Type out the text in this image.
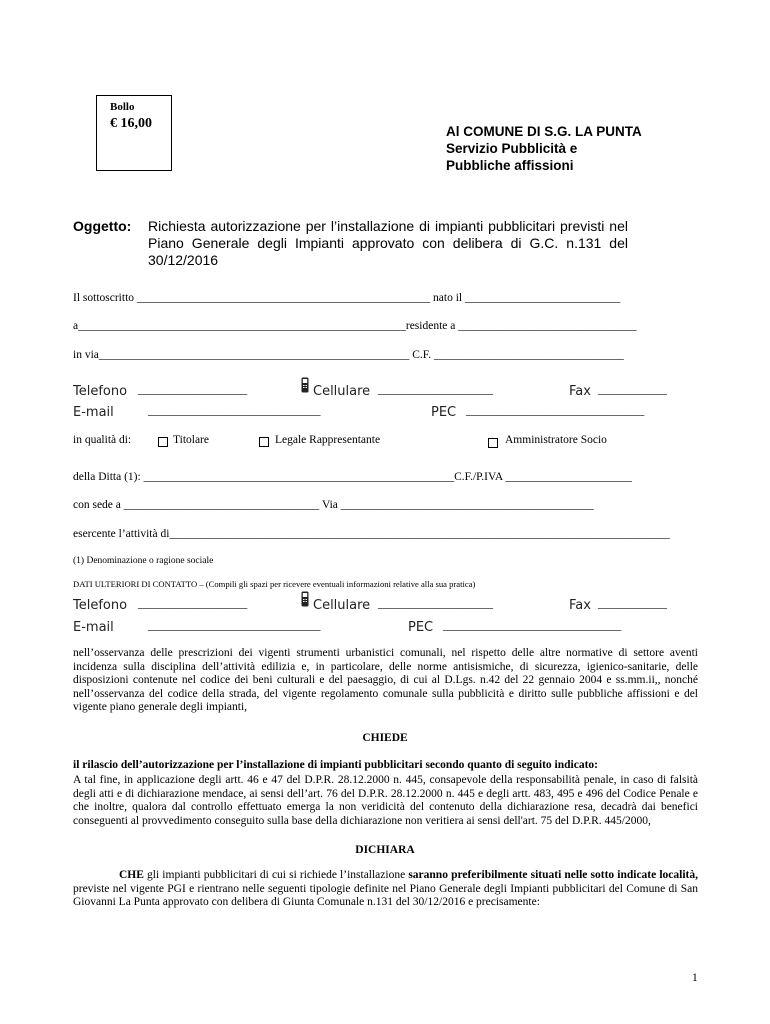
Bollo
€ 16,00
Al COMUNE DI S.G. LA PUNTA
Servizio Pubblicità e
Pubbliche affissioni
Oggetto: Richiesta autorizzazione per l’installazione di impianti pubblicitari previsti nel Piano Generale degli Impianti approvato con delibera di G.C. n.131 del 30/12/2016
Il sottoscritto ___________________________________________________ nato il ___________________________
a_________________________________________________________residente a _______________________________
in via______________________________________________________ C.F. _________________________________
Telefono ___________________	Cellulare ____________________	Fax ____________
E-mail	______________________________	PEC _______________________________
in qualità di:	Titolare	Legale Rappresentante	Amministratore Socio
della Ditta (1): ______________________________________________________C.F./P.IVA ______________________
con sede a __________________________________ Via ____________________________________________
esercente l’attività di_______________________________________________________________________________________
(1) Denominazione o ragione sociale
DATI ULTERIORI DI CONTATTO – (Compili gli spazi per ricevere eventuali informazioni relative alla sua pratica)
Telefono ___________________	Cellulare ____________________	Fax ____________
E-mail	______________________________	PEC _______________________________
nell’osservanza delle prescrizioni dei vigenti strumenti urbanistici comunali, nel rispetto delle altre normative di settore aventi incidenza sulla disciplina dell’attività edilizia e, in particolare, delle norme antisismiche, di sicurezza, igienico-sanitarie, delle disposizioni contenute nel codice dei beni culturali e del paesaggio, di cui al D.Lgs. n.42 del 22 gennaio 2004 e ss.mm.ii,, nonché nell’osservanza del codice della strada, del vigente regolamento comunale sulla pubblicità e diritto sulle pubbliche affissioni e del vigente piano generale degli impianti,
CHIEDE
il rilascio dell’autorizzazione per l’installazione di impianti pubblicitari secondo quanto di seguito indicato:
A tal fine, in applicazione degli artt. 46 e 47 del D.P.R. 28.12.2000 n. 445, consapevole della responsabilità penale, in caso di falsità degli atti e di dichiarazione mendace, ai sensi dell’art. 76 del D.P.R. 28.12.2000 n. 445 e degli artt. 483, 495 e 496 del Codice Penale e che inoltre, qualora dal controllo effettuato emerga la non veridicità del contenuto della dichiarazione resa, decadrà dai benefici conseguenti al provvedimento conseguito sulla base della dichiarazione non veritiera ai sensi dell'art. 75 del D.P.R. 445/2000,
DICHIARA
CHE gli impianti pubblicitari di cui si richiede l’installazione saranno preferibilmente situati nelle sotto indicate località, previste nel vigente PGI e rientrano nelle seguenti tipologie definite nel Piano Generale degli Impianti pubblicitari del Comune di San Giovanni La Punta approvato con delibera di Giunta Comunale n.131 del 30/12/2016 e precisamente:
1
